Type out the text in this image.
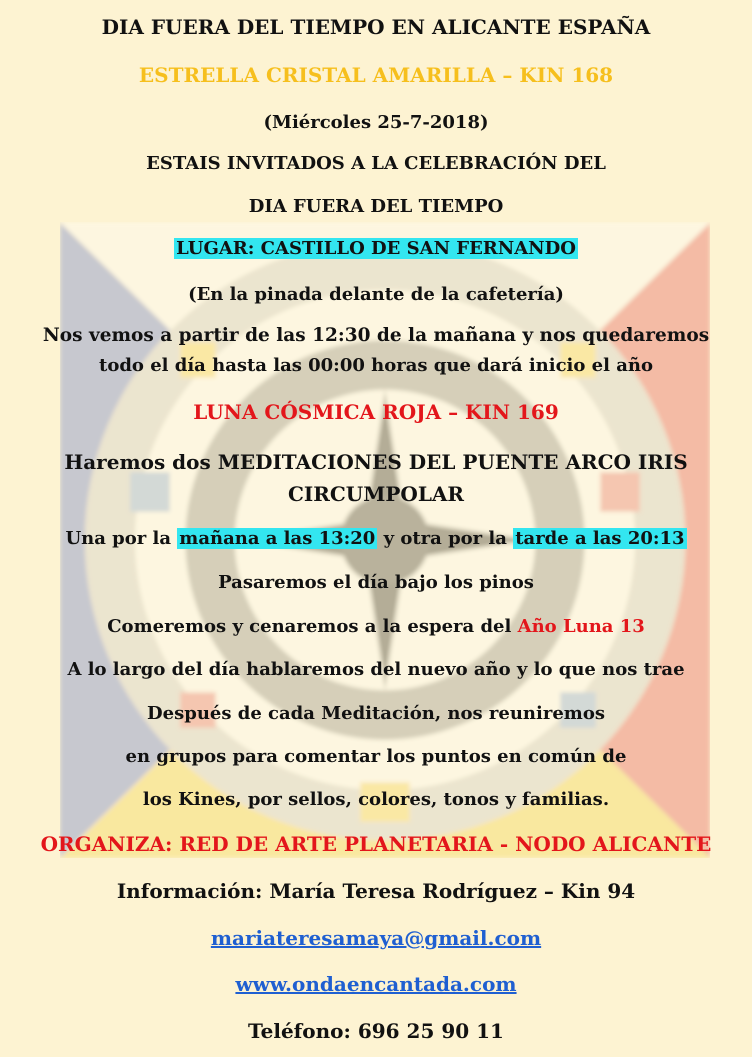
DIA FUERA DEL TIEMPO EN ALICANTE ESPAÑA
ESTRELLA CRISTAL AMARILLA – KIN 168
(Miércoles 25-7-2018)
ESTAIS INVITADOS A LA CELEBRACIÓN DEL
DIA FUERA DEL TIEMPO
LUGAR: CASTILLO DE SAN FERNANDO
(En la pinada delante de la cafetería)
Nos vemos a partir de las 12:30 de la mañana y nos quedaremos
todo el día hasta las 00:00 horas que dará inicio el año
LUNA CÓSMICA ROJA – KIN 169
Haremos dos MEDITACIONES DEL PUENTE ARCO IRIS
CIRCUMPOLAR
Una por la mañana a las 13:20 y otra por la tarde a las 20:13
Pasaremos el día bajo los pinos
Comeremos y cenaremos a la espera del Año Luna 13
A lo largo del día hablaremos del nuevo año y lo que nos trae
Después de cada Meditación, nos reuniremos
en grupos para comentar los puntos en común de
los Kines, por sellos, colores, tonos y familias.
ORGANIZA: RED DE ARTE PLANETARIA - NODO ALICANTE
Información: María Teresa Rodríguez – Kin 94
mariateresamaya@gmail.com
www.ondaencantada.com
Teléfono: 696 25 90 11
